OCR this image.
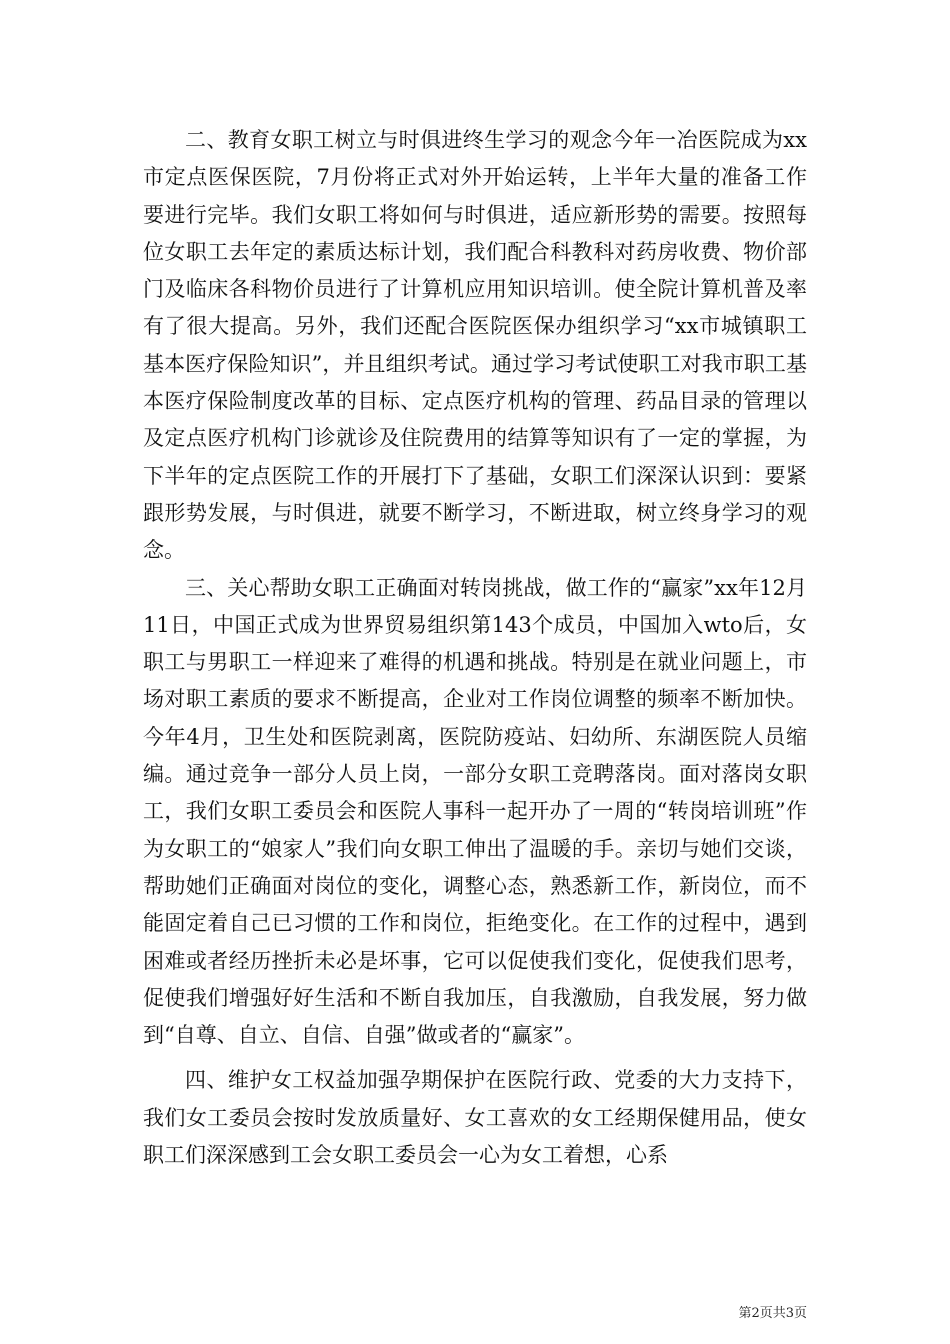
二、教育女职工树立与时俱进终生学习的观念今年一冶医院成为xx市定点医保医院，7月份将正式对外开始运转，上半年大量的准备工作要进行完毕。我们女职工将如何与时俱进，适应新形势的需要。按照每位女职工去年定的素质达标计划，我们配合科教科对药房收费、物价部门及临床各科物价员进行了计算机应用知识培训。使全院计算机普及率有了很大提高。另外，我们还配合医院医保办组织学习“xx市城镇职工基本医疗保险知识”，并且组织考试。通过学习考试使职工对我市职工基本医疗保险制度改革的目标、定点医疗机构的管理、药品目录的管理以及定点医疗机构门诊就诊及住院费用的结算等知识有了一定的掌握，为下半年的定点医院工作的开展打下了基础，女职工们深深认识到：要紧跟形势发展，与时俱进，就要不断学习，不断进取，树立终身学习的观念。

三、关心帮助女职工正确面对转岗挑战，做工作的“赢家”xx年12月11日，中国正式成为世界贸易组织第143个成员，中国加入wto后，女职工与男职工一样迎来了难得的机遇和挑战。特别是在就业问题上，市场对职工素质的要求不断提高，企业对工作岗位调整的频率不断加快。今年4月，卫生处和医院剥离，医院防疫站、妇幼所、东湖医院人员缩编。通过竞争一部分人员上岗，一部分女职工竞聘落岗。面对落岗女职工，我们女职工委员会和医院人事科一起开办了一周的“转岗培训班”作为女职工的“娘家人”我们向女职工伸出了温暖的手。亲切与她们交谈，帮助她们正确面对岗位的变化，调整心态，熟悉新工作，新岗位，而不能固定着自己已习惯的工作和岗位，拒绝变化。在工作的过程中，遇到困难或者经历挫折未必是坏事，它可以促使我们变化，促使我们思考，促使我们增强好好生活和不断自我加压，自我激励，自我发展，努力做到“自尊、自立、自信、自强”做或者的“赢家”。

四、维护女工权益加强孕期保护在医院行政、党委的大力支持下，我们女工委员会按时发放质量好、女工喜欢的女工经期保健用品，使女职工们深深感到工会女职工委员会一心为女工着想，心系

第2页共3页
